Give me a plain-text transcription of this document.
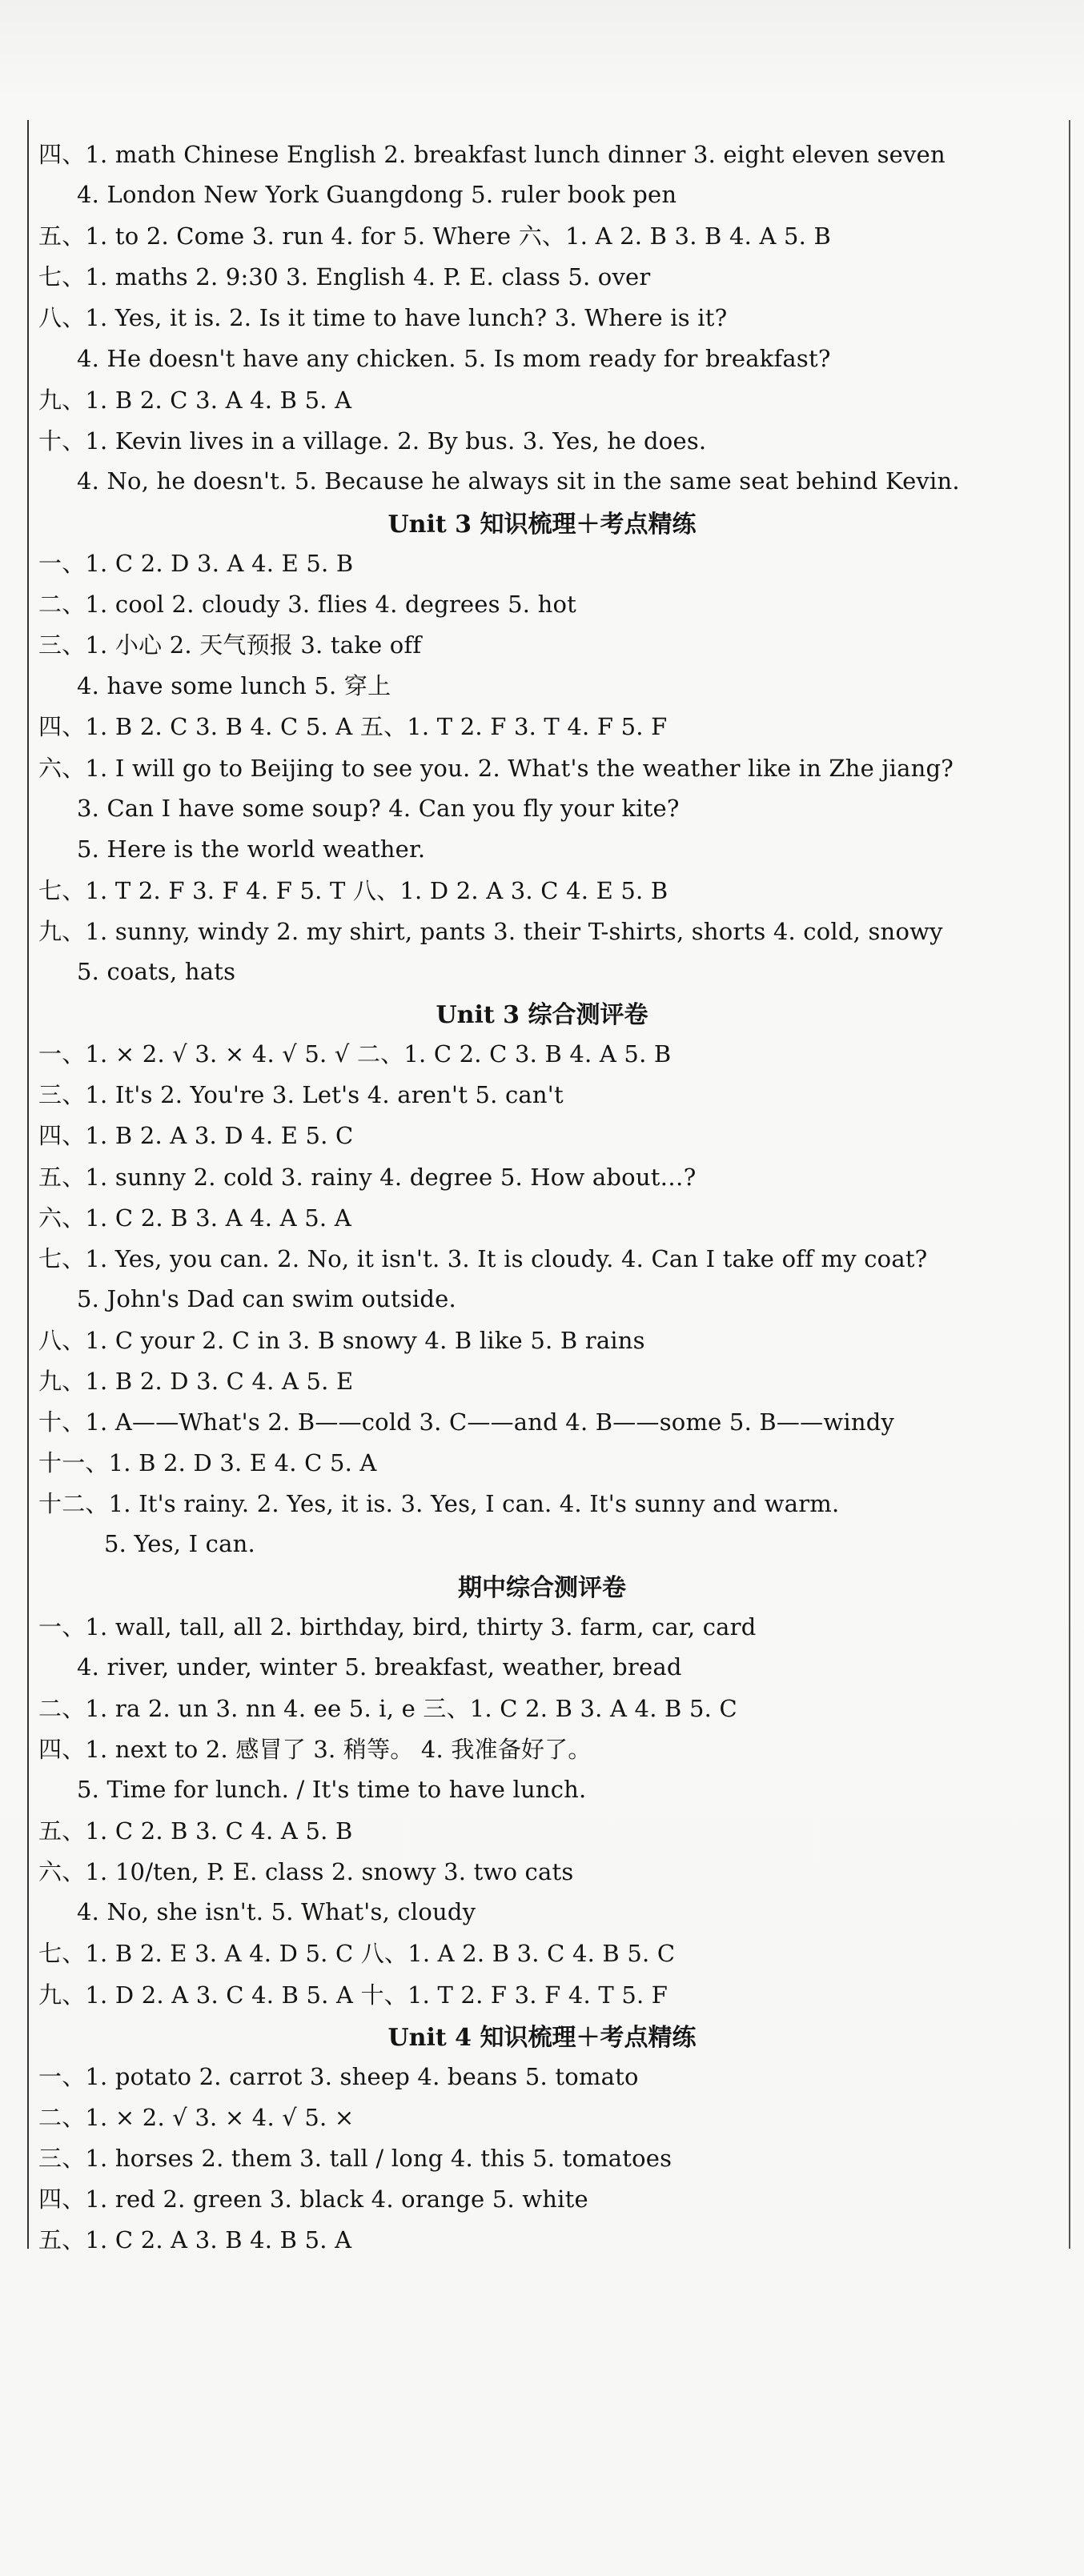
四、1. math Chinese English 2. breakfast lunch dinner 3. eight eleven seven
4. London New York Guangdong 5. ruler book pen
五、1. to 2. Come 3. run 4. for 5. Where 六、1. A 2. B 3. B 4. A 5. B
七、1. maths 2. 9:30 3. English 4. P. E. class 5. over
八、1. Yes, it is. 2. Is it time to have lunch? 3. Where is it?
4. He doesn't have any chicken. 5. Is mom ready for breakfast?
九、1. B 2. C 3. A 4. B 5. A
十、1. Kevin lives in a village. 2. By bus. 3. Yes, he does.
4. No, he doesn't. 5. Because he always sit in the same seat behind Kevin.
Unit 3 知识梳理＋考点精练
一、1. C 2. D 3. A 4. E 5. B
二、1. cool 2. cloudy 3. flies 4. degrees 5. hot
三、1. 小心 2. 天气预报 3. take off
4. have some lunch 5. 穿上
四、1. B 2. C 3. B 4. C 5. A 五、1. T 2. F 3. T 4. F 5. F
六、1. I will go to Beijing to see you. 2. What's the weather like in Zhe jiang?
3. Can I have some soup? 4. Can you fly your kite?
5. Here is the world weather.
七、1. T 2. F 3. F 4. F 5. T 八、1. D 2. A 3. C 4. E 5. B
九、1. sunny, windy 2. my shirt, pants 3. their T-shirts, shorts 4. cold, snowy
5. coats, hats
Unit 3 综合测评卷
一、1. × 2. √ 3. × 4. √ 5. √ 二、1. C 2. C 3. B 4. A 5. B
三、1. It's 2. You're 3. Let's 4. aren't 5. can't
四、1. B 2. A 3. D 4. E 5. C
五、1. sunny 2. cold 3. rainy 4. degree 5. How about…?
六、1. C 2. B 3. A 4. A 5. A
七、1. Yes, you can. 2. No, it isn't. 3. It is cloudy. 4. Can I take off my coat?
5. John's Dad can swim outside.
八、1. C your 2. C in 3. B snowy 4. B like 5. B rains
九、1. B 2. D 3. C 4. A 5. E
十、1. A——What's 2. B——cold 3. C——and 4. B——some 5. B——windy
十一、1. B 2. D 3. E 4. C 5. A
十二、1. It's rainy. 2. Yes, it is. 3. Yes, I can. 4. It's sunny and warm.
5. Yes, I can.
期中综合测评卷
一、1. wall, tall, all 2. birthday, bird, thirty 3. farm, car, card
4. river, under, winter 5. breakfast, weather, bread
二、1. ra 2. un 3. nn 4. ee 5. i, e 三、1. C 2. B 3. A 4. B 5. C
四、1. next to 2. 感冒了 3. 稍等。 4. 我准备好了。
5. Time for lunch. / It's time to have lunch.
五、1. C 2. B 3. C 4. A 5. B
六、1. 10/ten, P. E. class 2. snowy 3. two cats
4. No, she isn't. 5. What's, cloudy
七、1. B 2. E 3. A 4. D 5. C 八、1. A 2. B 3. C 4. B 5. C
九、1. D 2. A 3. C 4. B 5. A 十、1. T 2. F 3. F 4. T 5. F
Unit 4 知识梳理＋考点精练
一、1. potato 2. carrot 3. sheep 4. beans 5. tomato
二、1. × 2. √ 3. × 4. √ 5. ×
三、1. horses 2. them 3. tall / long 4. this 5. tomatoes
四、1. red 2. green 3. black 4. orange 5. white
五、1. C 2. A 3. B 4. B 5. A
